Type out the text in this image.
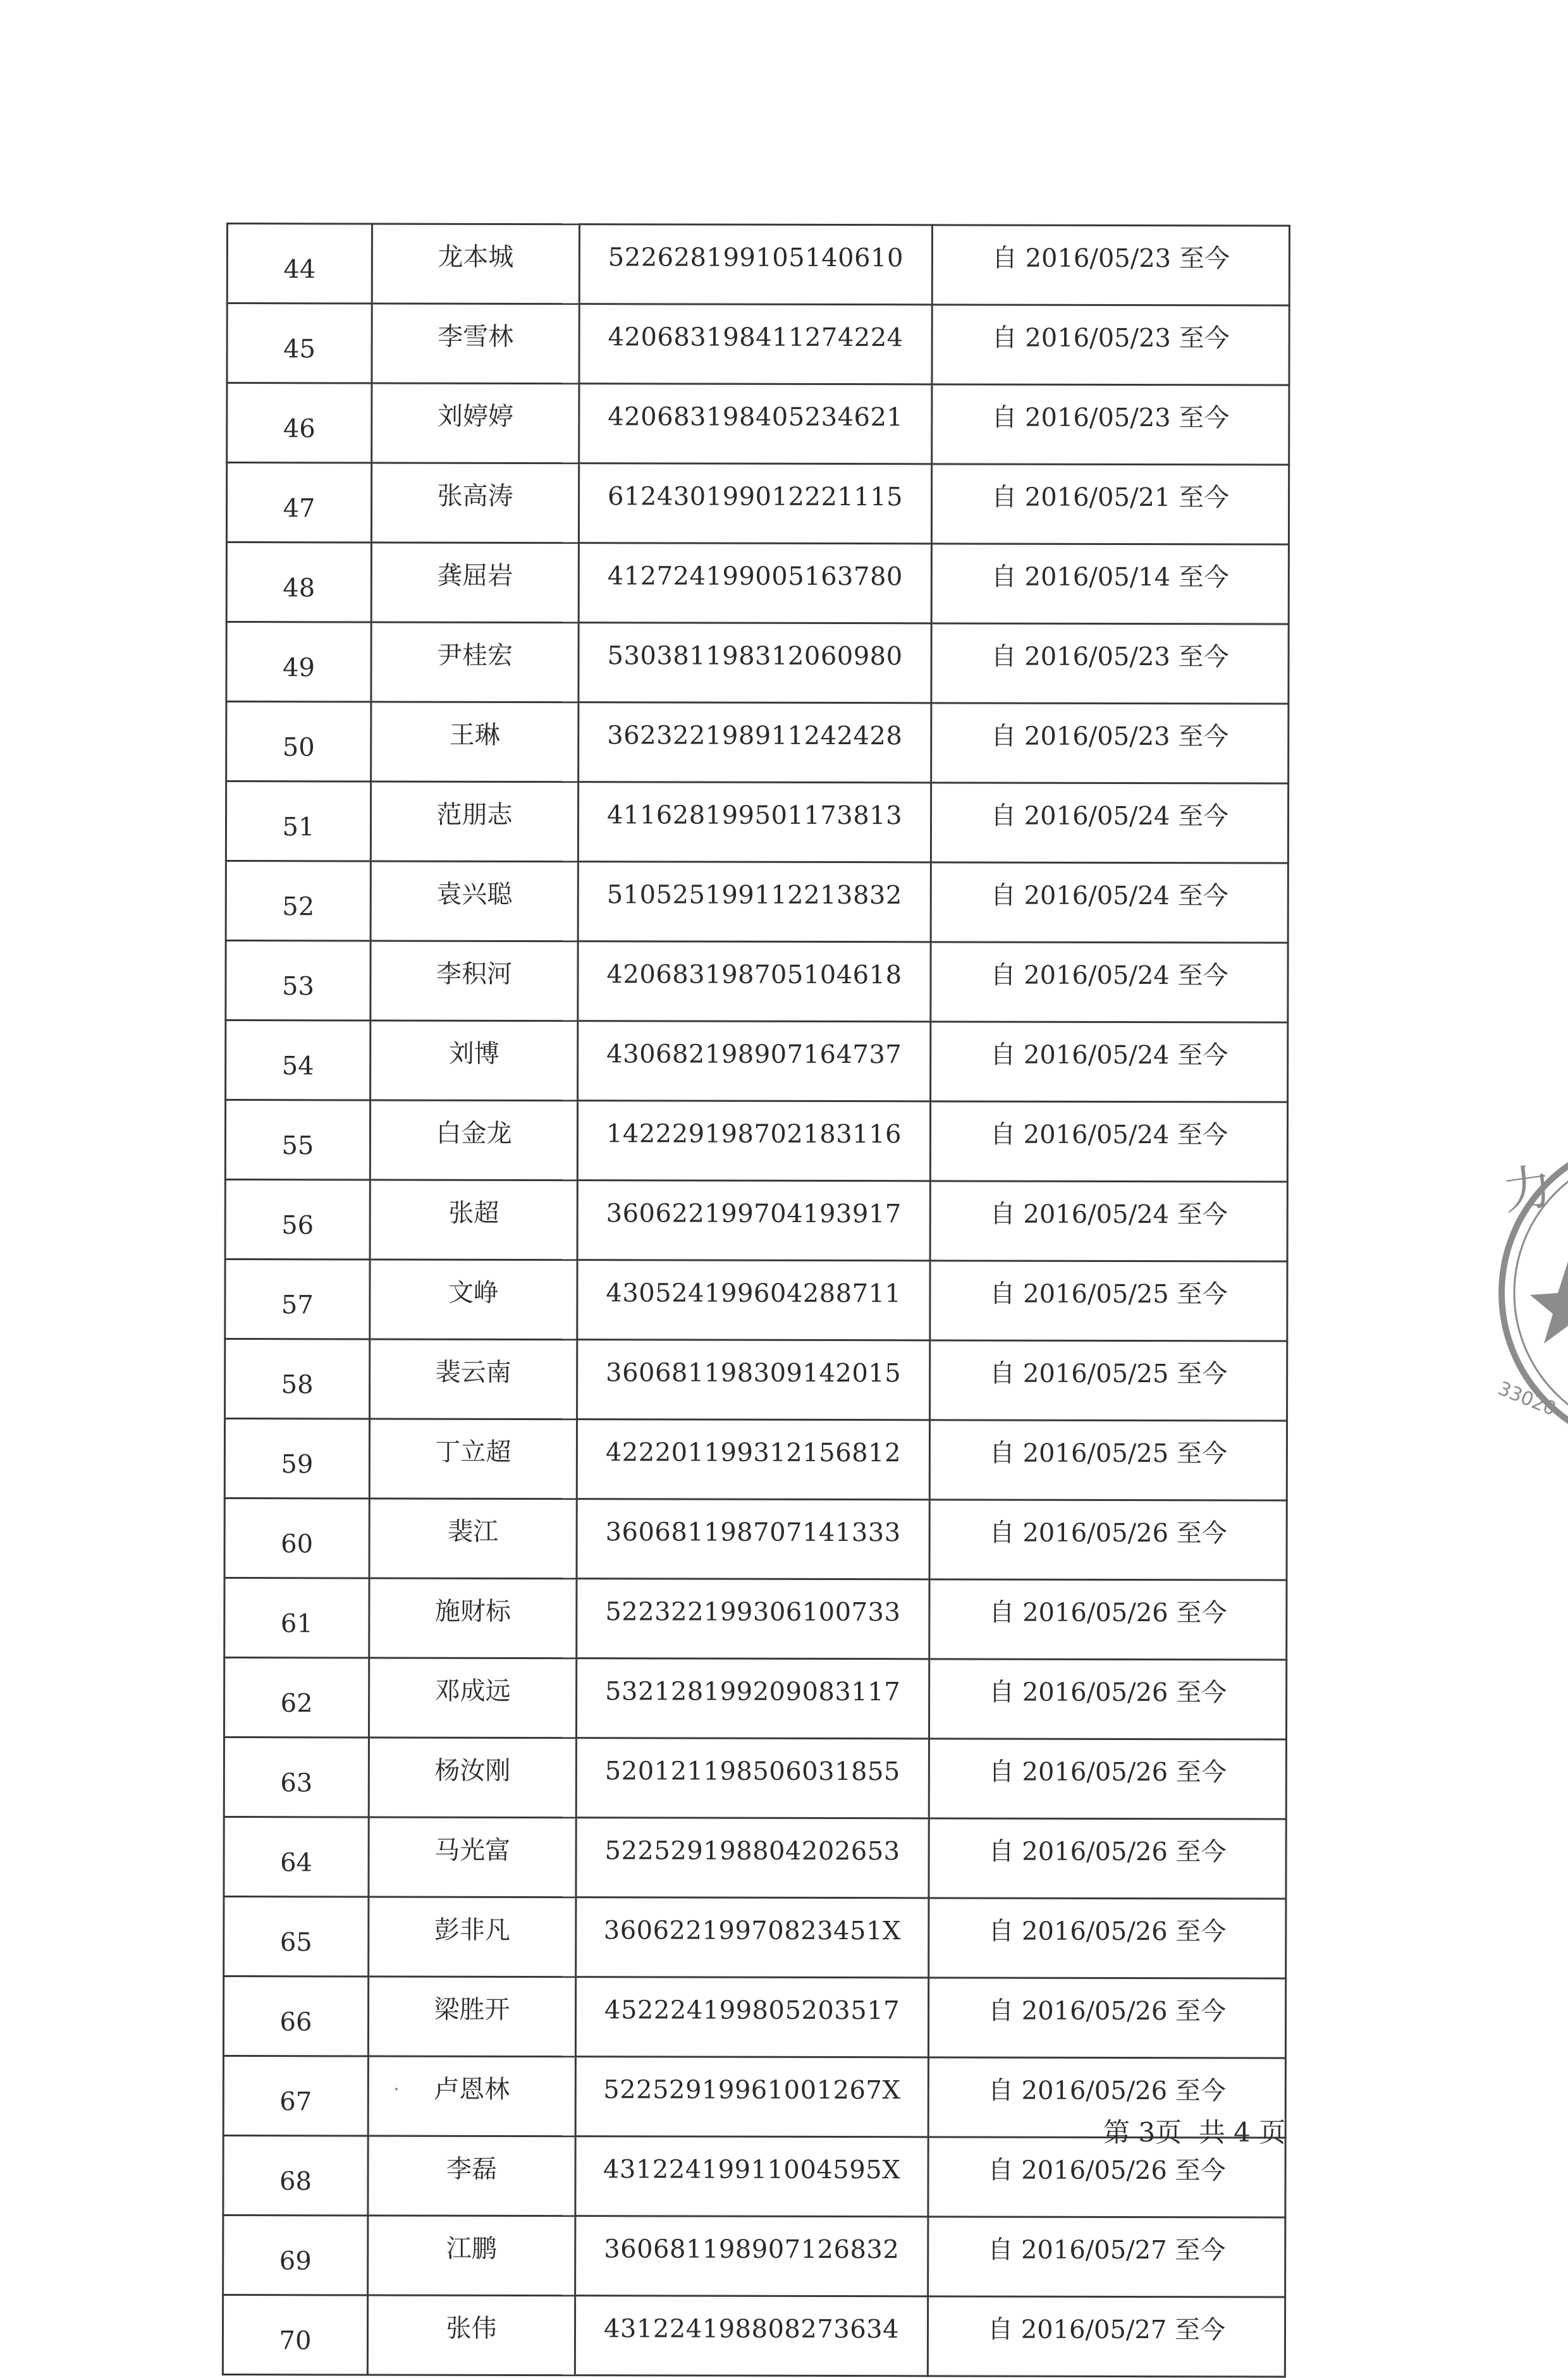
44	龙本城	522628199105140610	自 2016/05/23 至今
45	李雪林	420683198411274224	自 2016/05/23 至今
46	刘婷婷	420683198405234621	自 2016/05/23 至今
47	张高涛	612430199012221115	自 2016/05/21 至今
48	龚屈岩	412724199005163780	自 2016/05/14 至今
49	尹桂宏	530381198312060980	自 2016/05/23 至今
50	王琳	362322198911242428	自 2016/05/23 至今
51	范朋志	411628199501173813	自 2016/05/24 至今
52	袁兴聪	510525199112213832	自 2016/05/24 至今
53	李积河	420683198705104618	自 2016/05/24 至今
54	刘博	430682198907164737	自 2016/05/24 至今
55	白金龙	142229198702183116	自 2016/05/24 至今
56	张超	360622199704193917	自 2016/05/24 至今
57	文峥	430524199604288711	自 2016/05/25 至今
58	裴云南	360681198309142015	自 2016/05/25 至今
59	丁立超	422201199312156812	自 2016/05/25 至今
60	裴江	360681198707141333	自 2016/05/26 至今
61	施财标	522322199306100733	自 2016/05/26 至今
62	邓成远	532128199209083117	自 2016/05/26 至今
63	杨汝刚	520121198506031855	自 2016/05/26 至今
64	马光富	522529198804202653	自 2016/05/26 至今
65	彭非凡	36062219970823451X	自 2016/05/26 至今
66	梁胜开	452224199805203517	自 2016/05/26 至今
67	卢恩林	52252919961001267X	自 2016/05/26 至今
68	李磊	43122419911004595X	自 2016/05/26 至今
69	江鹏	360681198907126832	自 2016/05/27 至今
70	张伟	431224198808273634	自 2016/05/27 至今
力
33020
第 3页  共 4 页
